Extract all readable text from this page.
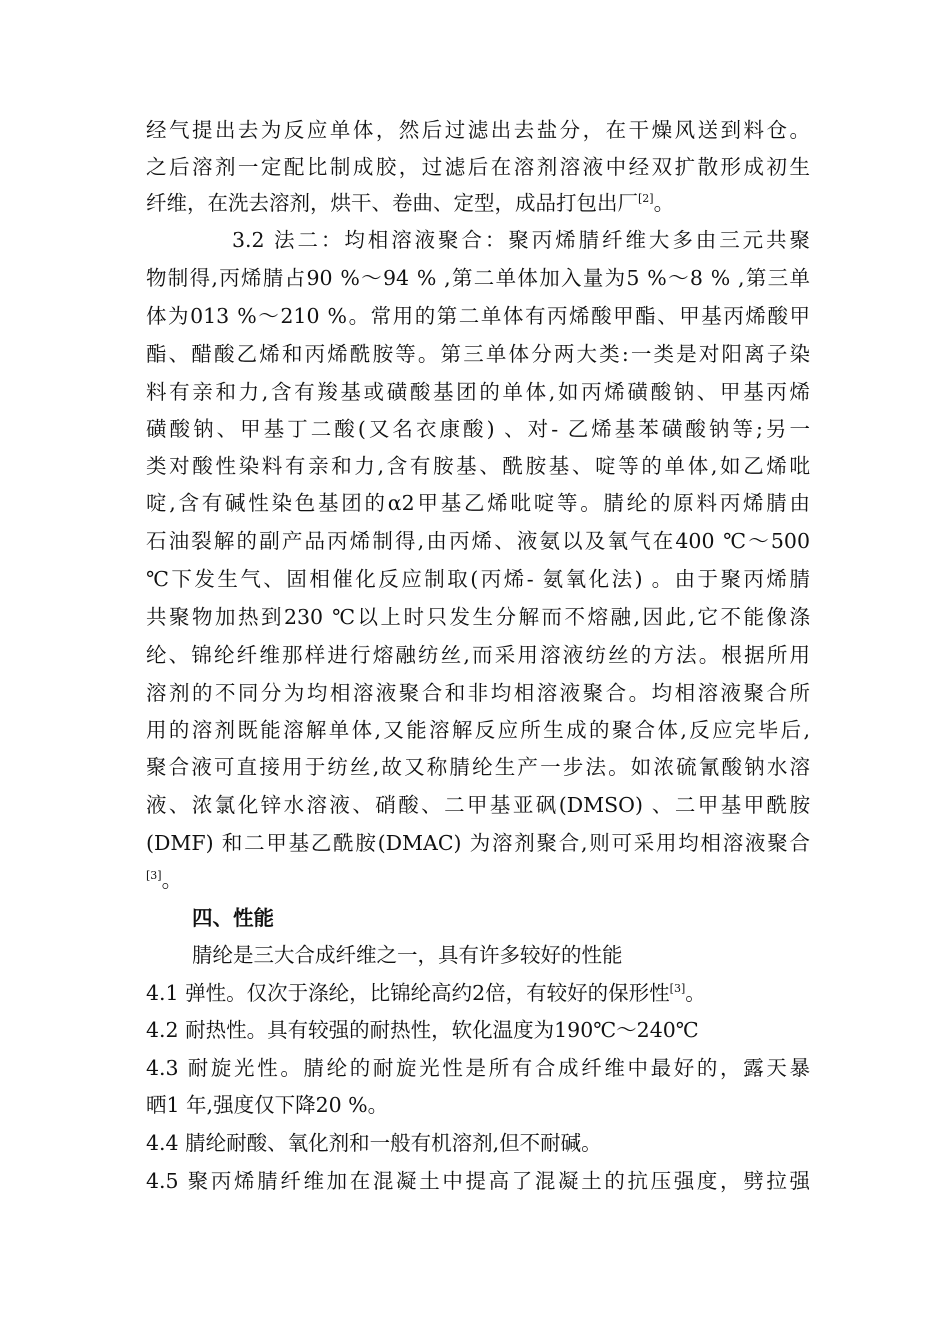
经气提出去为反应单体，然后过滤出去盐分，在干燥风送到料仓。
之后溶剂一定配比制成胶，过滤后在溶剂溶液中经双扩散形成初生
纤维，在洗去溶剂，烘干、卷曲、定型，成品打包出厂[2]。
3.2 法二：均相溶液聚合：聚丙烯腈纤维大多由三元共聚
物制得,丙烯腈占90 %～94 % ,第二单体加入量为5 %～8 % ,第三单
体为013 %～210 %。常用的第二单体有丙烯酸甲酯、甲基丙烯酸甲
酯、醋酸乙烯和丙烯酰胺等。第三单体分两大类:一类是对阳离子染
料有亲和力,含有羧基或磺酸基团的单体,如丙烯磺酸钠、甲基丙烯
磺酸钠、甲基丁二酸(又名衣康酸) 、对- 乙烯基苯磺酸钠等;另一
类对酸性染料有亲和力,含有胺基、酰胺基、啶等的单体,如乙烯吡
啶,含有碱性染色基团的α2甲基乙烯吡啶等。腈纶的原料丙烯腈由
石油裂解的副产品丙烯制得,由丙烯、液氨以及氧气在400 ℃～500
℃下发生气、固相催化反应制取(丙烯- 氨氧化法) 。由于聚丙烯腈
共聚物加热到230 ℃以上时只发生分解而不熔融,因此,它不能像涤
纶、锦纶纤维那样进行熔融纺丝,而采用溶液纺丝的方法。根据所用
溶剂的不同分为均相溶液聚合和非均相溶液聚合。均相溶液聚合所
用的溶剂既能溶解单体,又能溶解反应所生成的聚合体,反应完毕后,
聚合液可直接用于纺丝,故又称腈纶生产一步法。如浓硫氰酸钠水溶
液、浓氯化锌水溶液、硝酸、二甲基亚砜(DMSO) 、二甲基甲酰胺
(DMF) 和二甲基乙酰胺(DMAC) 为溶剂聚合,则可采用均相溶液聚合
[3]。
四、性能
腈纶是三大合成纤维之一，具有许多较好的性能
4.1 弹性。仅次于涤纶，比锦纶高约2倍，有较好的保形性[3]。
4.2 耐热性。具有较强的耐热性，软化温度为190℃～240℃
4.3 耐旋光性。腈纶的耐旋光性是所有合成纤维中最好的，露天暴
晒1 年,强度仅下降20 %。
4.4 腈纶耐酸、氧化剂和一般有机溶剂,但不耐碱。
4.5 聚丙烯腈纤维加在混凝土中提高了混凝土的抗压强度，劈拉强
